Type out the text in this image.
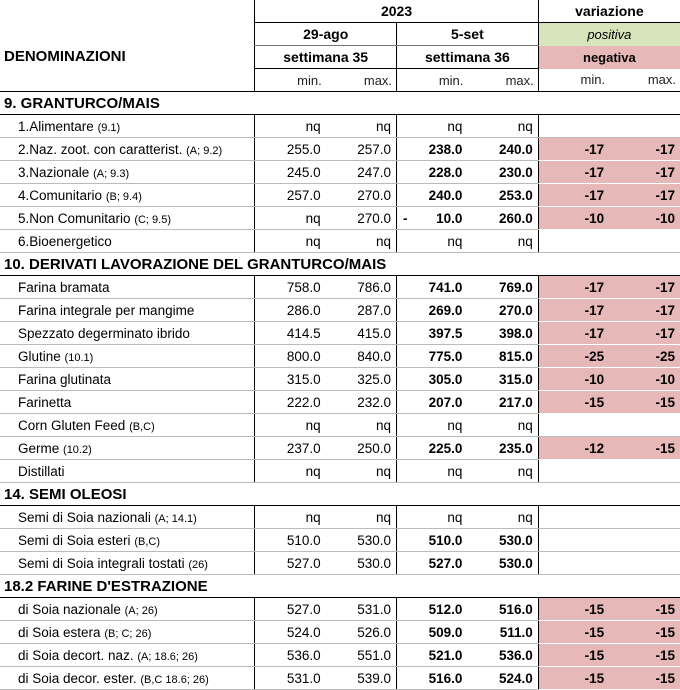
	2023				variazione	
DENOMINAZIONI	29-ago		5-set		positiva	
	settimana 35		settimana 36		negativa	
	min.	max.	min.	max.	min.	max.
9. GRANTURCO/MAIS						
1.Alimentare (9.1)	nq	nq	nq	nq		
2.Naz. zoot. con caratterist. (A; 9.2)	255.0	257.0	238.0	240.0	-17	-17
3.Nazionale (A; 9.3)	245.0	247.0	228.0	230.0	-17	-17
4.Comunitario (B; 9.4)	257.0	270.0	240.0	253.0	-17	-17
5.Non Comunitario (C; 9.5)	nq	270.0	- 10.0	260.0	-10	-10
6.Bioenergetico	nq	nq	nq	nq		
10. DERIVATI LAVORAZIONE DEL GRANTURCO/MAIS						
Farina bramata	758.0	786.0	741.0	769.0	-17	-17
Farina integrale per mangime	286.0	287.0	269.0	270.0	-17	-17
Spezzato degerminato ibrido	414.5	415.0	397.5	398.0	-17	-17
Glutine (10.1)	800.0	840.0	775.0	815.0	-25	-25
Farina glutinata	315.0	325.0	305.0	315.0	-10	-10
Farinetta	222.0	232.0	207.0	217.0	-15	-15
Corn Gluten Feed (B,C)	nq	nq	nq	nq		
Germe (10.2)	237.0	250.0	225.0	235.0	-12	-15
Distillati	nq	nq	nq	nq		
14. SEMI OLEOSI						
Semi di Soia nazionali (A; 14.1)	nq	nq	nq	nq		
Semi di Soia esteri (B,C)	510.0	530.0	510.0	530.0		
Semi di Soia integrali tostati (26)	527.0	530.0	527.0	530.0		
18.2 FARINE D'ESTRAZIONE						
di Soia nazionale (A; 26)	527.0	531.0	512.0	516.0	-15	-15
di Soia estera (B; C; 26)	524.0	526.0	509.0	511.0	-15	-15
di Soia decort. naz. (A; 18.6; 26)	536.0	551.0	521.0	536.0	-15	-15
di Soia decor. ester. (B,C 18.6; 26)	531.0	539.0	516.0	524.0	-15	-15
